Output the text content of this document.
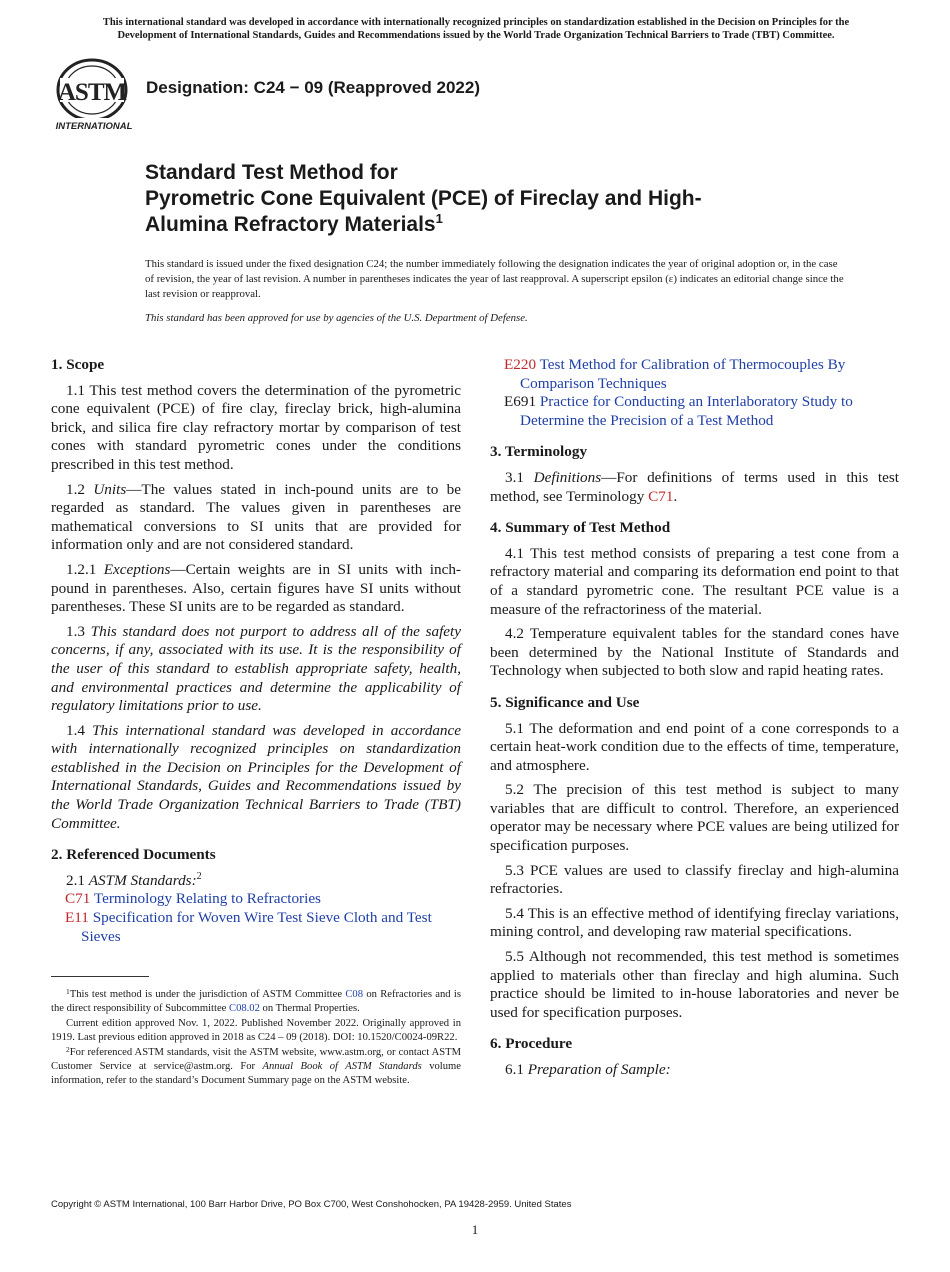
This international standard was developed in accordance with internationally recognized principles on standardization established in the Decision on Principles for the
Development of International Standards, Guides and Recommendations issued by the World Trade Organization Technical Barriers to Trade (TBT) Committee.
ASTM
INTERNATIONAL
Designation: C24 − 09 (Reapproved 2022)
Standard Test Method for
Pyrometric Cone Equivalent (PCE) of Fireclay and High-
Alumina Refractory Materials$^1$
This standard is issued under the fixed designation C24; the number immediately following the designation indicates the year of original adoption or, in the case of revision, the year of last revision. A number in parentheses indicates the year of last reapproval. A superscript epsilon (ε) indicates an editorial change since the last revision or reapproval.
This standard has been approved for use by agencies of the U.S. Department of Defense.
1. Scope

1.1 This test method covers the determination of the pyrometric cone equivalent (PCE) of fire clay, fireclay brick, high-alumina brick, and silica fire clay refractory mortar by comparison of test cones with standard pyrometric cones under the conditions prescribed in this test method.

1.2 Units—The values stated in inch-pound units are to be regarded as standard. The values given in parentheses are mathematical conversions to SI units that are provided for information only and are not considered standard.

1.2.1 Exceptions—Certain weights are in SI units with inch-pound in parentheses. Also, certain figures have SI units without parentheses. These SI units are to be regarded as standard.

1.3 This standard does not purport to address all of the safety concerns, if any, associated with its use. It is the responsibility of the user of this standard to establish appropriate safety, health, and environmental practices and determine the applicability of regulatory limitations prior to use.

1.4 This international standard was developed in accordance with internationally recognized principles on standardization established in the Decision on Principles for the Development of International Standards, Guides and Recommendations issued by the World Trade Organization Technical Barriers to Trade (TBT) Committee.

2. Referenced Documents

2.1 ASTM Standards:$^2$

C71 Terminology Relating to Refractories
E11 Specification for Woven Wire Test Sieve Cloth and Test Sieves

$^1$This test method is under the jurisdiction of ASTM Committee C08 on Refractories and is the direct responsibility of Subcommittee C08.02 on Thermal Properties.

Current edition approved Nov. 1, 2022. Published November 2022. Originally approved in 1919. Last previous edition approved in 2018 as C24 – 09 (2018). DOI: 10.1520/C0024-09R22.

$^2$For referenced ASTM standards, visit the ASTM website, www.astm.org, or contact ASTM Customer Service at service@astm.org. For Annual Book of ASTM Standards volume information, refer to the standard’s Document Summary page on the ASTM website.

E220 Test Method for Calibration of Thermocouples By Comparison Techniques
E691 Practice for Conducting an Interlaboratory Study to Determine the Precision of a Test Method
3. Terminology

3.1 Definitions—For definitions of terms used in this test method, see Terminology C71.

4. Summary of Test Method

4.1 This test method consists of preparing a test cone from a refractory material and comparing its deformation end point to that of a standard pyrometric cone. The resultant PCE value is a measure of the refractoriness of the material.

4.2 Temperature equivalent tables for the standard cones have been determined by the National Institute of Standards and Technology when subjected to both slow and rapid heating rates.

5. Significance and Use

5.1 The deformation and end point of a cone corresponds to a certain heat-work condition due to the effects of time, temperature, and atmosphere.

5.2 The precision of this test method is subject to many variables that are difficult to control. Therefore, an experienced operator may be necessary where PCE values are being utilized for specification purposes.

5.3 PCE values are used to classify fireclay and high-alumina refractories.

5.4 This is an effective method of identifying fireclay variations, mining control, and developing raw material specifications.

5.5 Although not recommended, this test method is sometimes applied to materials other than fireclay and high alumina. Such practice should be limited to in-house laboratories and never be used for specification purposes.

6. Procedure

6.1 Preparation of Sample:

Copyright © ASTM International, 100 Barr Harbor Drive, PO Box C700, West Conshohocken, PA 19428-2959. United States
1
